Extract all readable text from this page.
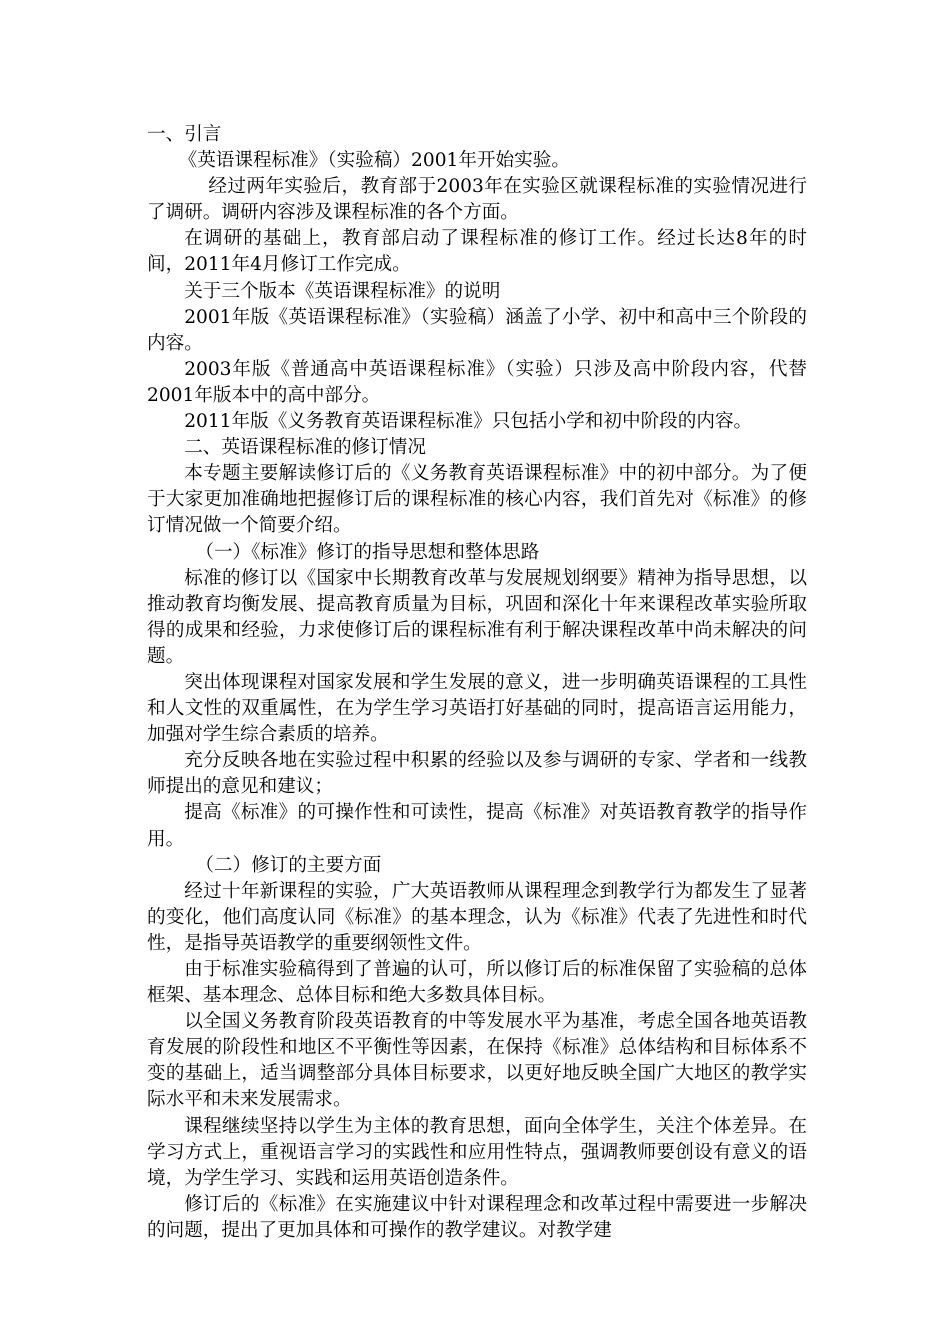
一、引言

《英语课程标准》（实验稿）2001年开始实验。

经过两年实验后，教育部于2003年在实验区就课程标准的实验情况进行了调研。调研内容涉及课程标准的各个方面。

在调研的基础上，教育部启动了课程标准的修订工作。经过长达8年的时间，2011年4月修订工作完成。

关于三个版本《英语课程标准》的说明

2001年版《英语课程标准》（实验稿）涵盖了小学、初中和高中三个阶段的内容。

2003年版《普通高中英语课程标准》（实验）只涉及高中阶段内容，代替2001年版本中的高中部分。

2011年版《义务教育英语课程标准》只包括小学和初中阶段的内容。

二、英语课程标准的修订情况

本专题主要解读修订后的《义务教育英语课程标准》中的初中部分。为了便于大家更加准确地把握修订后的课程标准的核心内容，我们首先对《标准》的修订情况做一个简要介绍。

（一）《标准》修订的指导思想和整体思路

标准的修订以《国家中长期教育改革与发展规划纲要》精神为指导思想，以推动教育均衡发展、提高教育质量为目标，巩固和深化十年来课程改革实验所取得的成果和经验，力求使修订后的课程标准有利于解决课程改革中尚未解决的问题。

突出体现课程对国家发展和学生发展的意义，进一步明确英语课程的工具性和人文性的双重属性，在为学生学习英语打好基础的同时，提高语言运用能力，加强对学生综合素质的培养。

充分反映各地在实验过程中积累的经验以及参与调研的专家、学者和一线教师提出的意见和建议；

提高《标准》的可操作性和可读性，提高《标准》对英语教育教学的指导作用。

（二）修订的主要方面

经过十年新课程的实验，广大英语教师从课程理念到教学行为都发生了显著的变化，他们高度认同《标准》的基本理念，认为《标准》代表了先进性和时代性，是指导英语教学的重要纲领性文件。

由于标准实验稿得到了普遍的认可，所以修订后的标准保留了实验稿的总体框架、基本理念、总体目标和绝大多数具体目标。

以全国义务教育阶段英语教育的中等发展水平为基准，考虑全国各地英语教育发展的阶段性和地区不平衡性等因素，在保持《标准》总体结构和目标体系不变的基础上，适当调整部分具体目标要求，以更好地反映全国广大地区的教学实际水平和未来发展需求。

课程继续坚持以学生为主体的教育思想，面向全体学生，关注个体差异。在学习方式上，重视语言学习的实践性和应用性特点，强调教师要创设有意义的语境，为学生学习、实践和运用英语创造条件。

修订后的《标准》在实施建议中针对课程理念和改革过程中需要进一步解决的问题，提出了更加具体和可操作的教学建议。对教学建
